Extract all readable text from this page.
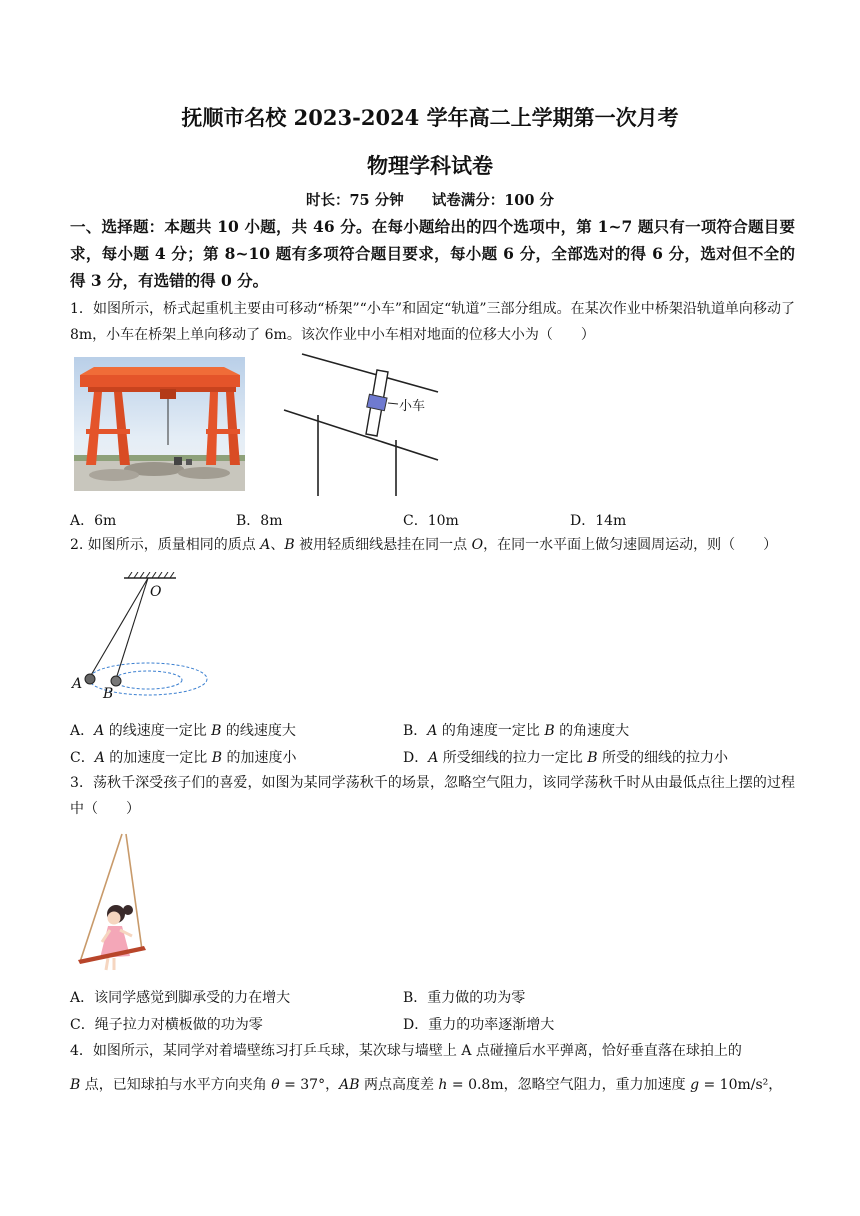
抚顺市名校 2023-2024 学年高二上学期第一次月考
物理学科试卷
时长：75 分钟 试卷满分：100 分
一、选择题：本题共 10 小题，共 46 分。在每小题给出的四个选项中，第 1~7 题只有一项符合题目要求，每小题 4 分；第 8~10 题有多项符合题目要求，每小题 6 分，全部选对的得 6 分，选对但不全的得 3 分，有选错的得 0 分。
1．如图所示，桥式起重机主要由可移动“桥架”“小车”和固定“轨道”三部分组成。在某次作业中桥架沿轨道单向移动了 8m，小车在桥架上单向移动了 6m。该次作业中小车相对地面的位移大小为（　　）
小车
A．6m	B．8m	C．10m	D．14m
2. 如图所示，质量相同的质点 A、B 被用轻质细线悬挂在同一点 O，在同一水平面上做匀速圆周运动，则（　　）
O
A
B
A．A 的线速度一定比 B 的线速度大	B．A 的角速度一定比 B 的角速度大
C．A 的加速度一定比 B 的加速度小	D．A 所受细线的拉力一定比 B 所受的细线的拉力小
3．荡秋千深受孩子们的喜爱，如图为某同学荡秋千的场景，忽略空气阻力，该同学荡秋千时从由最低点往上摆的过程中（　　）
A．该同学感觉到脚承受的力在增大	B．重力做的功为零
C．绳子拉力对横板做的功为零	D．重力的功率逐渐增大
4．如图所示，某同学对着墙壁练习打乒乓球，某次球与墙壁上 A 点碰撞后水平弹离，恰好垂直落在球拍上的
B 点，已知球拍与水平方向夹角 θ = 37°，AB 两点高度差 h = 0.8m，忽略空气阻力，重力加速度 g = 10m/s²，
